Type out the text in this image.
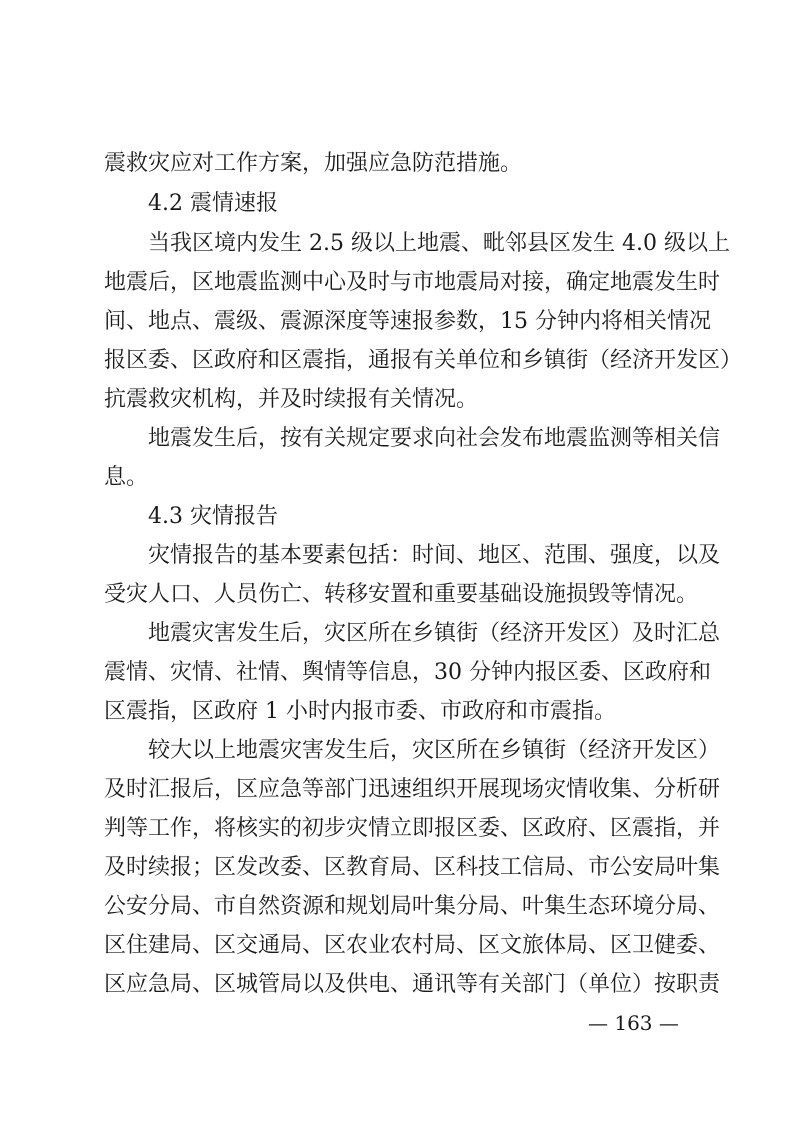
震救灾应对工作方案，加强应急防范措施。
4.2 震情速报
当我区境内发生 2.5 级以上地震、毗邻县区发生 4.0 级以上
地震后，区地震监测中心及时与市地震局对接，确定地震发生时
间、地点、震级、震源深度等速报参数，15 分钟内将相关情况
报区委、区政府和区震指，通报有关单位和乡镇街（经济开发区）
抗震救灾机构，并及时续报有关情况。
地震发生后，按有关规定要求向社会发布地震监测等相关信
息。
4.3 灾情报告
灾情报告的基本要素包括：时间、地区、范围、强度，以及
受灾人口、人员伤亡、转移安置和重要基础设施损毁等情况。
地震灾害发生后，灾区所在乡镇街（经济开发区）及时汇总
震情、灾情、社情、舆情等信息，30 分钟内报区委、区政府和
区震指，区政府 1 小时内报市委、市政府和市震指。
较大以上地震灾害发生后，灾区所在乡镇街（经济开发区）
及时汇报后，区应急等部门迅速组织开展现场灾情收集、分析研
判等工作，将核实的初步灾情立即报区委、区政府、区震指，并
及时续报；区发改委、区教育局、区科技工信局、市公安局叶集
公安分局、市自然资源和规划局叶集分局、叶集生态环境分局、
区住建局、区交通局、区农业农村局、区文旅体局、区卫健委、
区应急局、区城管局以及供电、通讯等有关部门（单位）按职责
— 163 —
